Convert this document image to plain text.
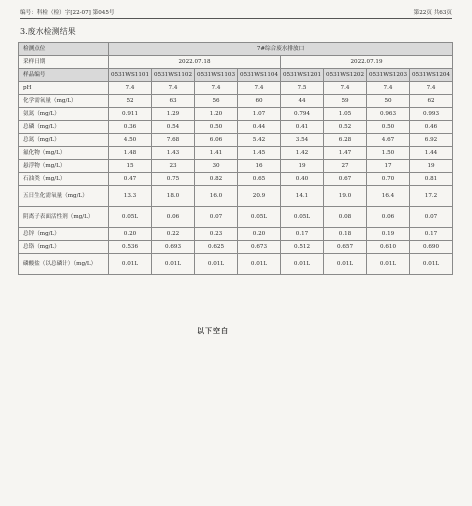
编号：科检（检）字[22-07] 第045号	第22页 共63页
3.废水检测结果
检测点位	7#综合废水排放口							
采样日期	2022.07.18				2022.07.19			
样品编号	0531WS1101	0531WS1102	0531WS1103	0531WS1104	0531WS1201	0531WS1202	0531WS1203	0531WS1204
pH	7.4	7.4	7.4	7.4	7.5	7.4	7.4	7.4
化学需氧量（mg/L）	52	63	56	60	44	59	50	62
氨氮（mg/L）	0.911	1.29	1.20	1.07	0.794	1.05	0.963	0.993
总磷（mg/L）	0.36	0.54	0.50	0.44	0.41	0.52	0.50	0.46
总氮（mg/L）	4.50	7.68	6.06	5.42	3.54	6.28	4.67	6.92
氟化物（mg/L）	1.48	1.43	1.41	1.45	1.42	1.47	1.50	1.44
悬浮物（mg/L）	15	23	30	16	19	27	17	19
石油类（mg/L）	0.47	0.75	0.82	0.65	0.40	0.67	0.70	0.81
五日生化需氧量（mg/L）	13.3	18.0	16.0	20.9	14.1	19.0	16.4	17.2
阴离子表面活性剂（mg/L）	0.05L	0.06	0.07	0.05L	0.05L	0.08	0.06	0.07
总锌（mg/L）	0.20	0.22	0.23	0.20	0.17	0.18	0.19	0.17
总铬（mg/L）	0.536	0.693	0.625	0.673	0.512	0.657	0.610	0.690
磷酸盐（以总磷计）（mg/L）	0.01L	0.01L	0.01L	0.01L	0.01L	0.01L	0.01L	0.01L
以下空白
